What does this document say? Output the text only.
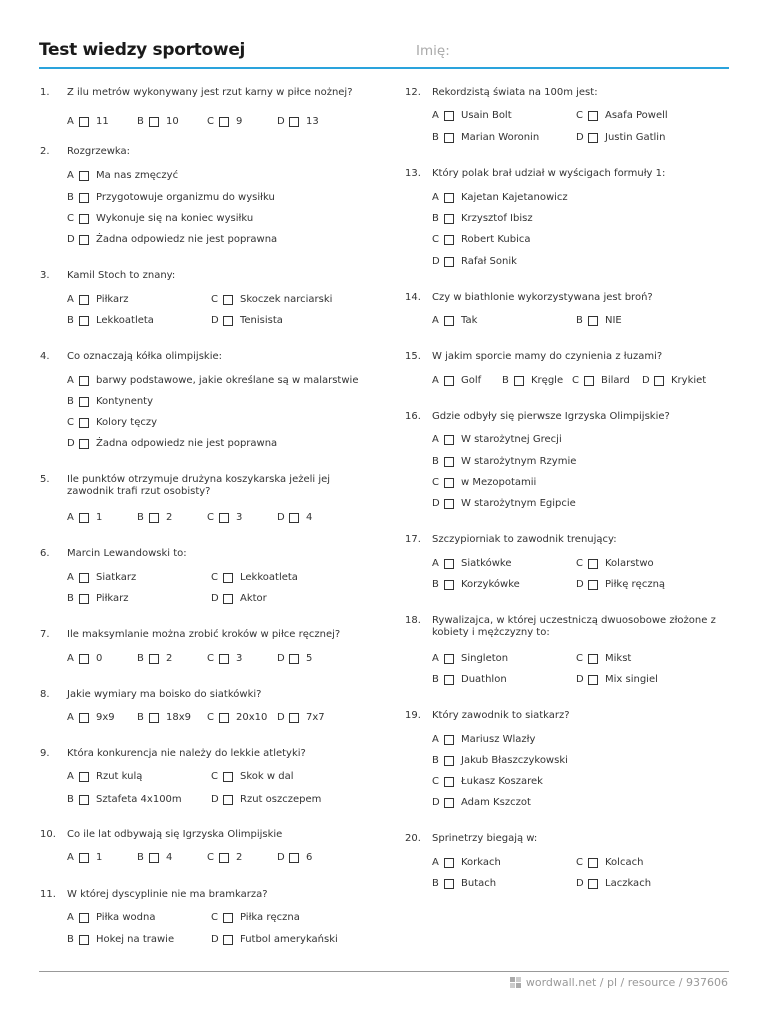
Test wiedzy sportowej	Imię:
1. Z ilu metrów wykonywany jest rzut karny w piłce nożnej?
A 11	B 10	C 9	D 13
2. Rozgrzewka:
A Ma nas zmęczyć
B Przygotowuje organizmu do wysiłku
C Wykonuje się na koniec wysiłku
D Żadna odpowiedz nie jest poprawna
3. Kamil Stoch to znany:
A Piłkarz
B Lekkoatleta
C Skoczek narciarski
D Tenisista
4. Co oznaczają kółka olimpijskie:
A barwy podstawowe, jakie określane są w malarstwie
B Kontynenty
C Kolory tęczy
D Żadna odpowiedz nie jest poprawna
5. Ile punktów otrzymuje drużyna koszykarska jeżeli jej zawodnik trafi rzut osobisty?
A 1	B 2	C 3	D 4
6. Marcin Lewandowski to:
A Siatkarz
B Piłkarz
C Lekkoatleta
D Aktor
7. Ile maksymlanie można zrobić kroków w piłce ręcznej?
A 0	B 2	C 3	D 5
8. Jakie wymiary ma boisko do siatkówki?
A 9x9 B 18x9 C 20x10 D 7x7
9. Która konkurencja nie należy do lekkie atletyki?
A Rzut kulą
B Sztafeta 4x100m
C Skok w dal
D Rzut oszczepem
10. Co ile lat odbywają się Igrzyska Olimpijskie
A 1	B 4	C 2	D 6
11. W której dyscyplinie nie ma bramkarza?
A Piłka wodna
B Hokej na trawie
C Piłka ręczna
D Futbol amerykański
12. Rekordzistą świata na 100m jest:
A Usain Bolt
B Marian Woronin
C Asafa Powell
D Justin Gatlin
13. Który polak brał udział w wyścigach formuły 1:
A Kajetan Kajetanowicz
B Krzysztof Ibisz
C Robert Kubica
D Rafał Sonik
14. Czy w biathlonie wykorzystywana jest broń?
A Tak	B NIE
15. W jakim sporcie mamy do czynienia z łuzami?
A Golf B Kręgle C Bilard D Krykiet
16. Gdzie odbyły się pierwsze Igrzyska Olimpijskie?
A W starożytnej Grecji
B W starożytnym Rzymie
C w Mezopotamii
D W starożytnym Egipcie
17. Szczypiorniak to zawodnik trenujący:
A Siatkówke
B Korzykówke
C Kolarstwo
D Piłkę ręczną
18. Rywalizajca, w której uczestniczą dwuosobowe złożone z kobiety i mężczyzny to:
A Singleton
B Duathlon
C Mikst
D Mix singiel
19. Który zawodnik to siatkarz?
A Mariusz Wlazły
B Jakub Błaszczykowski
C Łukasz Koszarek
D Adam Kszczot
20. Sprinetrzy biegają w:
A Korkach
B Butach
C Kolcach
D Laczkach
wordwall.net / pl / resource / 937606
